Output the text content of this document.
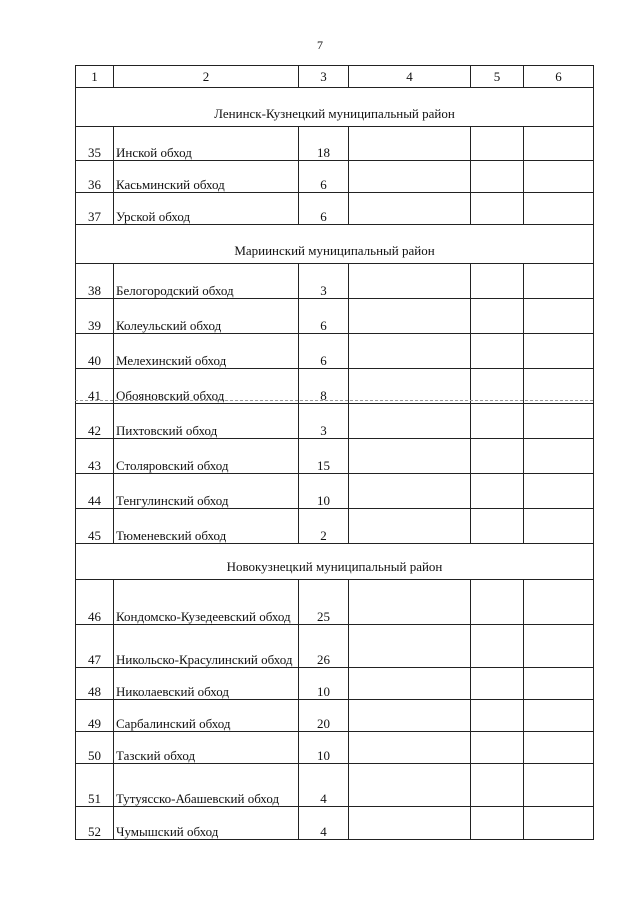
7
1	2	3	4	5	6
Ленинск-Кузнецкий муниципальный район					
35	Инской обход	18			
36	Касьминский обход	6			
37	Урской обход	6			
Мариинский муниципальный район					
38	Белогородский обход	3			
39	Колеульский обход	6			
40	Мелехинский обход	6			
41	Обояновский обход	8			
42	Пихтовский обход	3			
43	Столяровский обход	15			
44	Тенгулинский обход	10			
45	Тюменевский обход	2			
Новокузнецкий муниципальный район					
46	Кондомско-Кузедеевский обход	25			
47	Никольско-Красулинский обход	26			
48	Николаевский обход	10			
49	Сарбалинский обход	20			
50	Тазский обход	10			
51	Тутуясско-Абашевский обход	4			
52	Чумышский обход	4			
